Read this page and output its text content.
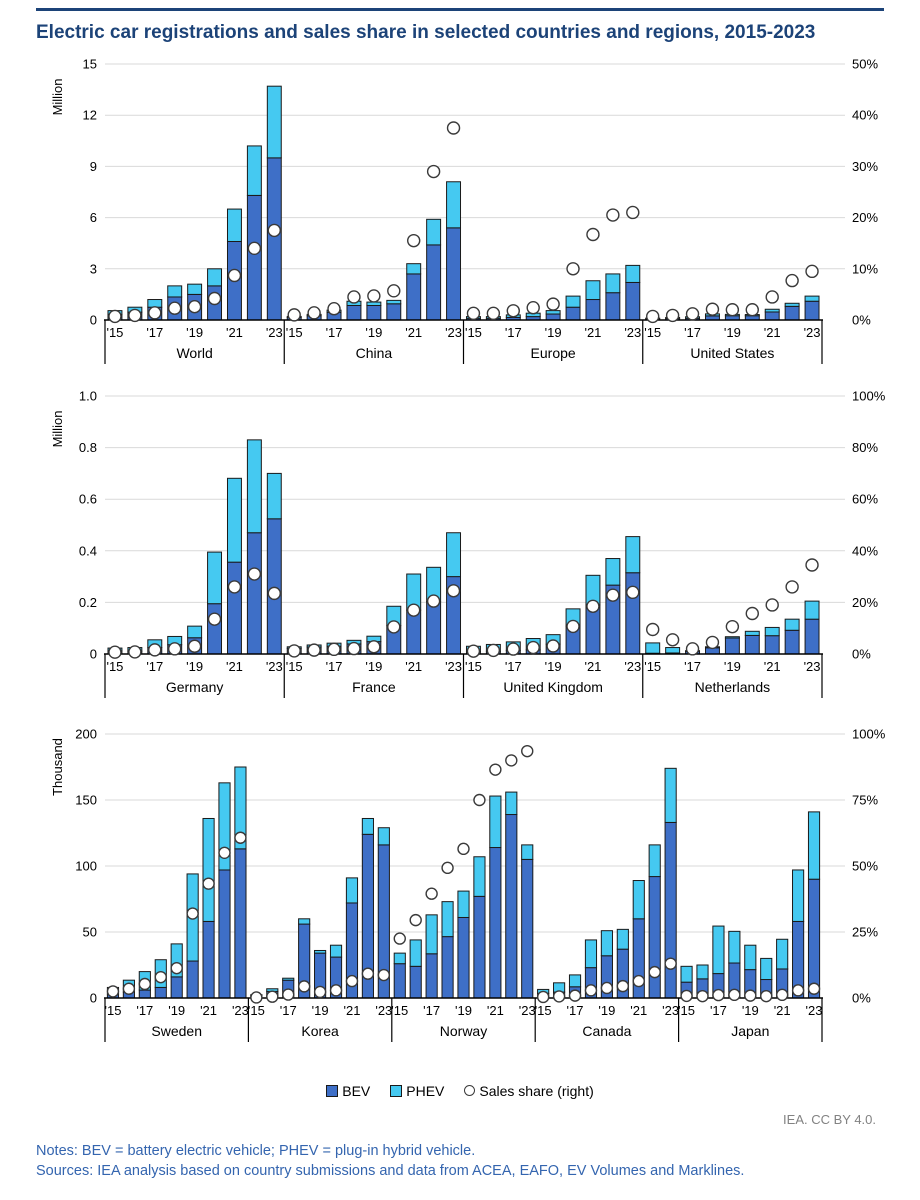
Electric car registrations and sales share in selected countries and regions, 2015-2023
0
3
6
9
12
15
0%
10%
20%
30%
40%
50%
Million
'15 '17 '19 '21 '23
World
'15 '17 '19 '21 '23
China
'15 '17 '19 '21 '23
Europe
'15 '17 '19 '21 '23
United States
0
0.2
0.4
0.6
0.8
1.0
0%
20%
40%
60%
80%
100%
Million
'15 '17 '19 '21 '23
Germany
'15 '17 '19 '21 '23
France
'15 '17 '19 '21 '23
United Kingdom
'15 '17 '19 '21 '23
Netherlands
0
50
100
150
200
0%
25%
50%
75%
100%
Thousand
'15 '17 '19 '21 '23
Sweden
'15 '17 '19 '21 '23
Korea
'15 '17 '19 '21 '23
Norway
'15 '17 '19 '21 '23
Canada
'15 '17 '19 '21 '23
Japan
BEV	PHEV	Sales share (right)
IEA. CC BY 4.0.
Notes: BEV = battery electric vehicle; PHEV = plug-in hybrid vehicle.
Sources: IEA analysis based on country submissions and data from ACEA, EAFO, EV Volumes and Marklines.
